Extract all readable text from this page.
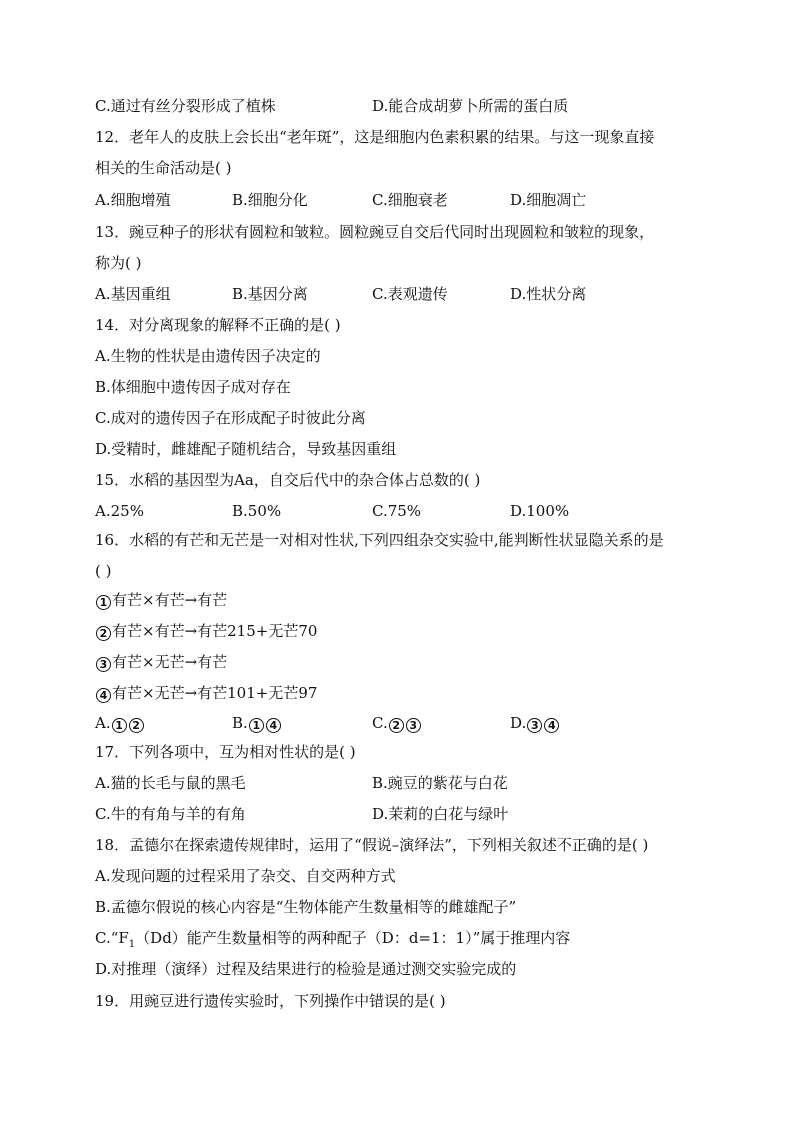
C.通过有丝分裂形成了植株	D.能合成胡萝卜所需的蛋白质
12．老年人的皮肤上会长出“老年斑”，这是细胞内色素积累的结果。与这一现象直接
相关的生命活动是( )
A.细胞增殖	B.细胞分化	C.细胞衰老	D.细胞凋亡
13．豌豆种子的形状有圆粒和皱粒。圆粒豌豆自交后代同时出现圆粒和皱粒的现象，
称为( )
A.基因重组	B.基因分离	C.表观遗传	D.性状分离
14．对分离现象的解释不正确的是( )
A.生物的性状是由遗传因子决定的
B.体细胞中遗传因子成对存在
C.成对的遗传因子在形成配子时彼此分离
D.受精时，雌雄配子随机结合，导致基因重组
15．水稻的基因型为Aa，自交后代中的杂合体占总数的( )
A.25%	B.50%	C.75%	D.100%
16．水稻的有芒和无芒是一对相对性状,下列四组杂交实验中,能判断性状显隐关系的是
( )
1 有芒×有芒→有芒
2 有芒×有芒→有芒215+无芒70
3 有芒×无芒→有芒
4 有芒×无芒→有芒101+无芒97
A. 1 2	B. 1 4	C. 2 3	D. 3 4
17．下列各项中，互为相对性状的是( )
A.猫的长毛与鼠的黑毛	B.豌豆的紫花与白花
C.牛的有角与羊的有角	D.茉莉的白花与绿叶
18．孟德尔在探索遗传规律时，运用了“假说–演绎法”，下列相关叙述不正确的是( )
A.发现问题的过程采用了杂交、自交两种方式
B.孟德尔假说的核心内容是“生物体能产生数量相等的雌雄配子”
$C.“F_1(Dd)$能产生数量相等的两种配子（D：d=1：1）”属于推理内容
D.对推理（演绎）过程及结果进行的检验是通过测交实验完成的
19．用豌豆进行遗传实验时，下列操作中错误的是( )
